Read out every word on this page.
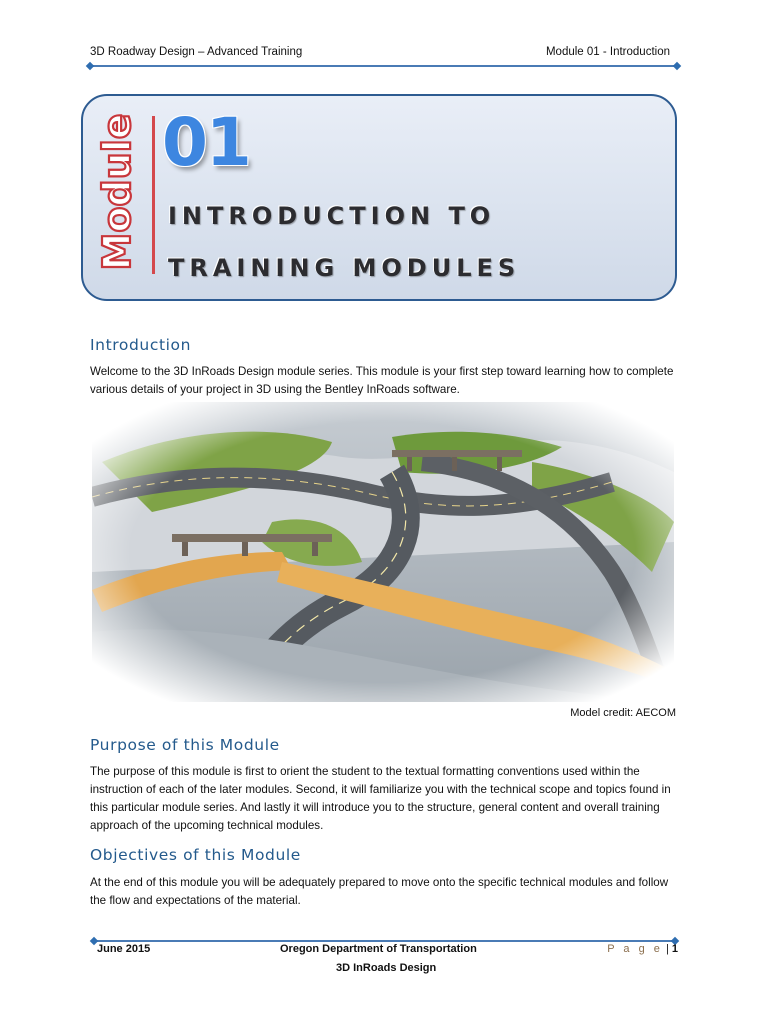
3D Roadway Design – Advanced Training	Module 01 - Introduction
Module 01
INTRODUCTION TO
TRAINING MODULES
Introduction

Welcome to the 3D InRoads Design module series. This module is your first step toward learning how to complete various details of your project in 3D using the Bentley InRoads software.

Model credit: AECOM
Purpose of this Module

The purpose of this module is first to orient the student to the textual formatting conventions used within the instruction of each of the later modules. Second, it will familiarize you with the technical scope and topics found in this particular module series. And lastly it will introduce you to the structure, general content and overall training approach of the upcoming technical modules.

Objectives of this Module

At the end of this module you will be adequately prepared to move onto the specific technical modules and follow the flow and expectations of the material.

June 2015	Oregon Department of Transportation
3D InRoads Design
P a g e | 1
